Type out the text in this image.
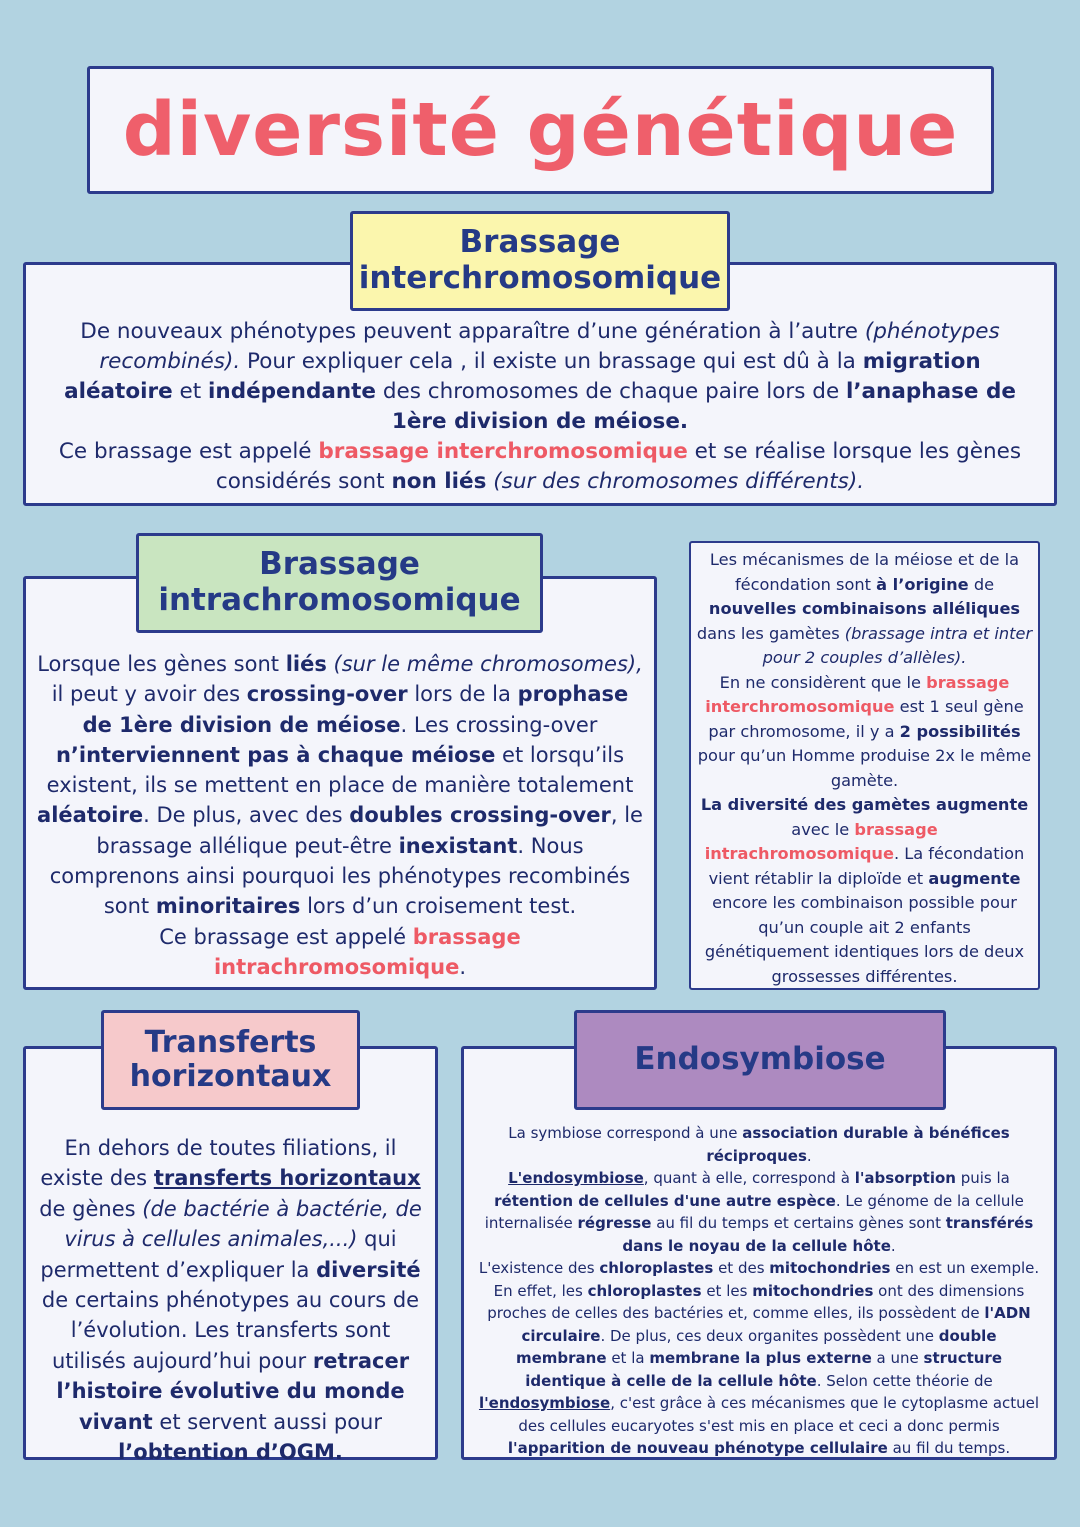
diversité génétique
De nouveaux phénotypes peuvent apparaître d’une génération à l’autre (phénotypes recombinés). Pour expliquer cela , il existe un brassage qui est dû à la migration aléatoire et indépendante des chromosomes de chaque paire lors de l’anaphase de 1ère division de méiose.
Ce brassage est appelé brassage interchromosomique et se réalise lorsque les gènes considérés sont non liés (sur des chromosomes différents).
Brassage
interchromosomique
Lorsque les gènes sont liés (sur le même chromosomes), il peut y avoir des crossing-over lors de la prophase de 1ère division de méiose. Les crossing-over n’interviennent pas à chaque méiose et lorsqu’ils existent, ils se mettent en place de manière totalement aléatoire. De plus, avec des doubles crossing-over, le brassage allélique peut-être inexistant. Nous comprenons ainsi pourquoi les phénotypes recombinés sont minoritaires lors d’un croisement test.
Ce brassage est appelé brassage intrachromosomique.
Brassage
intrachromosomique
Les mécanismes de la méiose et de la fécondation sont à l’origine de nouvelles combinaisons alléliques dans les gamètes (brassage intra et inter pour 2 couples d’allèles).
En ne considèrent que le brassage interchromosomique est 1 seul gène par chromosome, il y a 2 possibilités pour qu’un Homme produise 2x le même gamète.
La diversité des gamètes augmente avec le brassage intrachromosomique. La fécondation vient rétablir la diploïde et augmente encore les combinaison possible pour qu’un couple ait 2 enfants génétiquement identiques lors de deux grossesses différentes.
En dehors de toutes filiations, il existe des transferts horizontaux de gènes (de bactérie à bactérie, de virus à cellules animales,...) qui permettent d’expliquer la diversité de certains phénotypes au cours de l’évolution. Les transferts sont utilisés aujourd’hui pour retracer l’histoire évolutive du monde vivant et servent aussi pour l’obtention d’OGM.
Transferts
horizontaux
La symbiose correspond à une association durable à bénéfices réciproques.
L'endosymbiose, quant à elle, correspond à l'absorption puis la rétention de cellules d'une autre espèce. Le génome de la cellule internalisée régresse au fil du temps et certains gènes sont transférés dans le noyau de la cellule hôte.
L'existence des chloroplastes et des mitochondries en est un exemple. En effet, les chloroplastes et les mitochondries ont des dimensions proches de celles des bactéries et, comme elles, ils possèdent de l'ADN circulaire. De plus, ces deux organites possèdent une double membrane et la membrane la plus externe a une structure identique à celle de la cellule hôte. Selon cette théorie de l'endosymbiose, c'est grâce à ces mécanismes que le cytoplasme actuel des cellules eucaryotes s'est mis en place et ceci a donc permis l'apparition de nouveau phénotype cellulaire au fil du temps.
Endosymbiose
